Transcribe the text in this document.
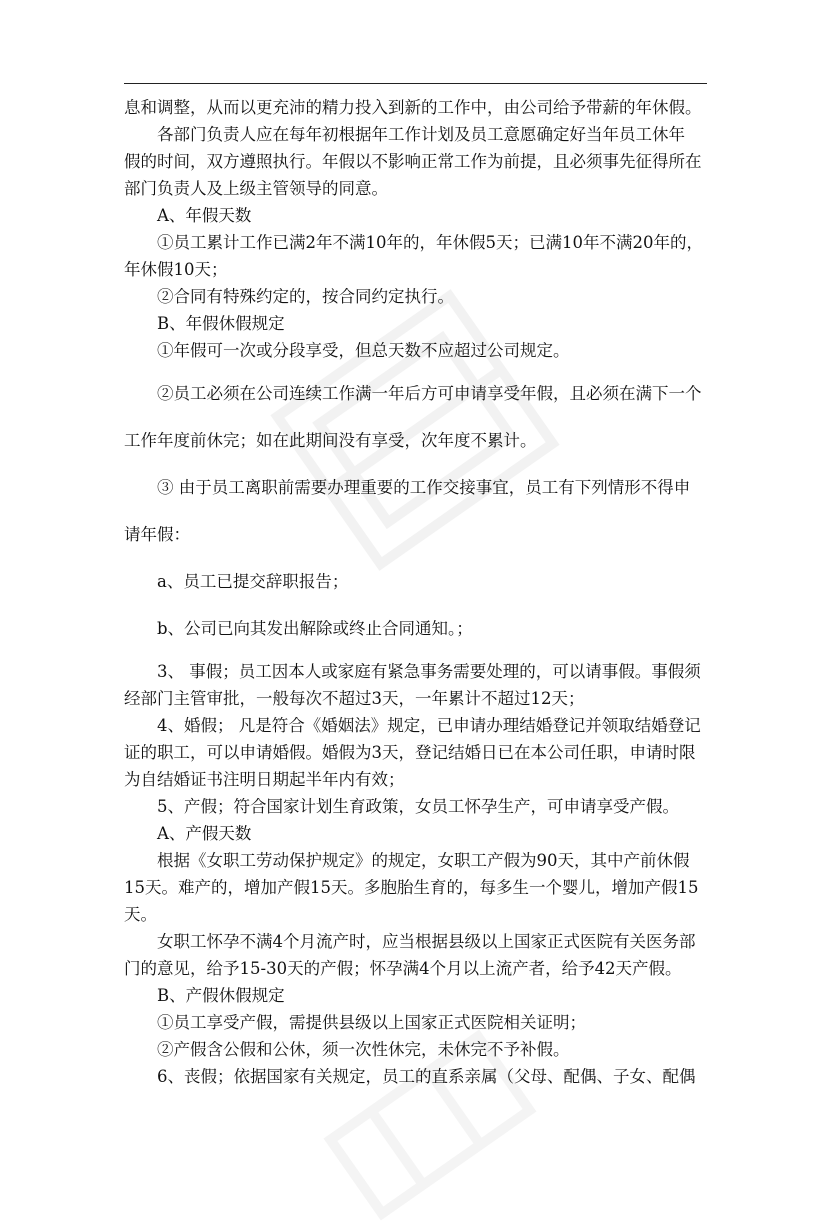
息和调整，从而以更充沛的精力投入到新的工作中，由公司给予带薪的年休假。

各部门负责人应在每年初根据年工作计划及员工意愿确定好当年员工休年

假的时间，双方遵照执行。年假以不影响正常工作为前提，且必须事先征得所在

部门负责人及上级主管领导的同意。

A、年假天数

①员工累计工作已满2年不满10年的，年休假5天；已满10年不满20年的，

年休假10天；

②合同有特殊约定的，按合同约定执行。

B、年假休假规定

①年假可一次或分段享受，但总天数不应超过公司规定。

②员工必须在公司连续工作满一年后方可申请享受年假，且必须在满下一个

工作年度前休完；如在此期间没有享受，次年度不累计。

③ 由于员工离职前需要办理重要的工作交接事宜，员工有下列情形不得申

请年假：

a、员工已提交辞职报告；

b、公司已向其发出解除或终止合同通知。；

3、 事假；员工因本人或家庭有紧急事务需要处理的，可以请事假。事假须

经部门主管审批，一般每次不超过3天，一年累计不超过12天；

4、婚假； 凡是符合《婚姻法》规定，已申请办理结婚登记并领取结婚登记

证的职工，可以申请婚假。婚假为3天，登记结婚日已在本公司任职，申请时限

为自结婚证书注明日期起半年内有效；

5、产假；符合国家计划生育政策，女员工怀孕生产，可申请享受产假。

A、产假天数

根据《女职工劳动保护规定》的规定，女职工产假为90天，其中产前休假

15天。难产的，增加产假15天。多胞胎生育的，每多生一个婴儿，增加产假15

天。

女职工怀孕不满4个月流产时，应当根据县级以上国家正式医院有关医务部

门的意见，给予15-30天的产假；怀孕满4个月以上流产者，给予42天产假。

B、产假休假规定

①员工享受产假，需提供县级以上国家正式医院相关证明；

②产假含公假和公休，须一次性休完，未休完不予补假。

6、丧假；依据国家有关规定，员工的直系亲属（父母、配偶、子女、配偶
